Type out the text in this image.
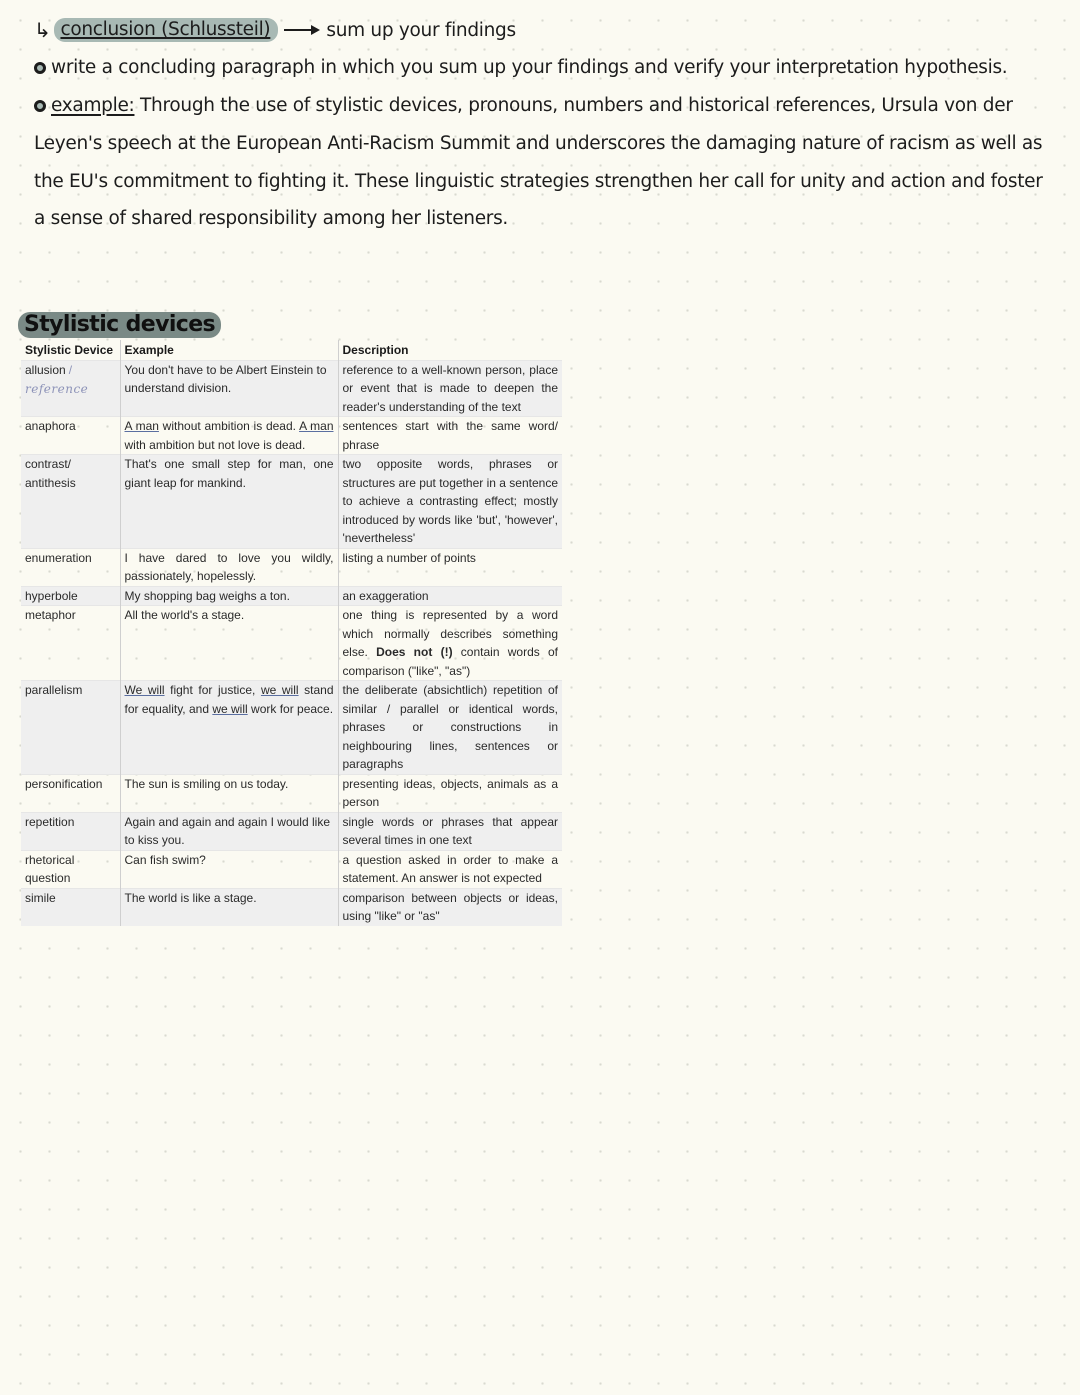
↳ conclusion (Schlussteil)	sum up your findings
write a concluding paragraph in which you sum up your findings and verify your interpretation hypothesis.
example: Through the use of stylistic devices, pronouns, numbers and historical references, Ursula von der
Leyen's speech at the European Anti-Racism Summit and underscores the damaging nature of racism as well as
the EU's commitment to fighting it. These linguistic strategies strengthen her call for unity and action and foster
a sense of shared responsibility among her listeners.
Stylistic devices
Stylistic Device	Example	Description
allusion /
reference	You don't have to be Albert Einstein to understand division.	reference to a well-known person, place or event that is made to deepen the reader's understanding of the text
anaphora	A man without ambition is dead. A man with ambition but not love is dead.	sentences start with the same word/ phrase
contrast/ antithesis	That's one small step for man, one giant leap for mankind.	two opposite words, phrases or structures are put together in a sentence to achieve a contrasting effect; mostly introduced by words like 'but', 'however', 'nevertheless'
enumeration	I have dared to love you wildly, passionately, hopelessly.	listing a number of points
hyperbole	My shopping bag weighs a ton.	an exaggeration
metaphor	All the world's a stage.	one thing is represented by a word which normally describes something else. Does not (!) contain words of comparison ("like", "as")
parallelism	We will fight for justice, we will stand for equality, and we will work for peace.	the deliberate (absichtlich) repetition of similar / parallel or identical words, phrases or constructions in neighbouring lines, sentences or paragraphs
personification	The sun is smiling on us today.	presenting ideas, objects, animals as a person
repetition	Again and again and again I would like to kiss you.	single words or phrases that appear several times in one text
rhetorical question	Can fish swim?	a question asked in order to make a statement. An answer is not expected
simile	The world is like a stage.	comparison between objects or ideas, using "like" or "as"
